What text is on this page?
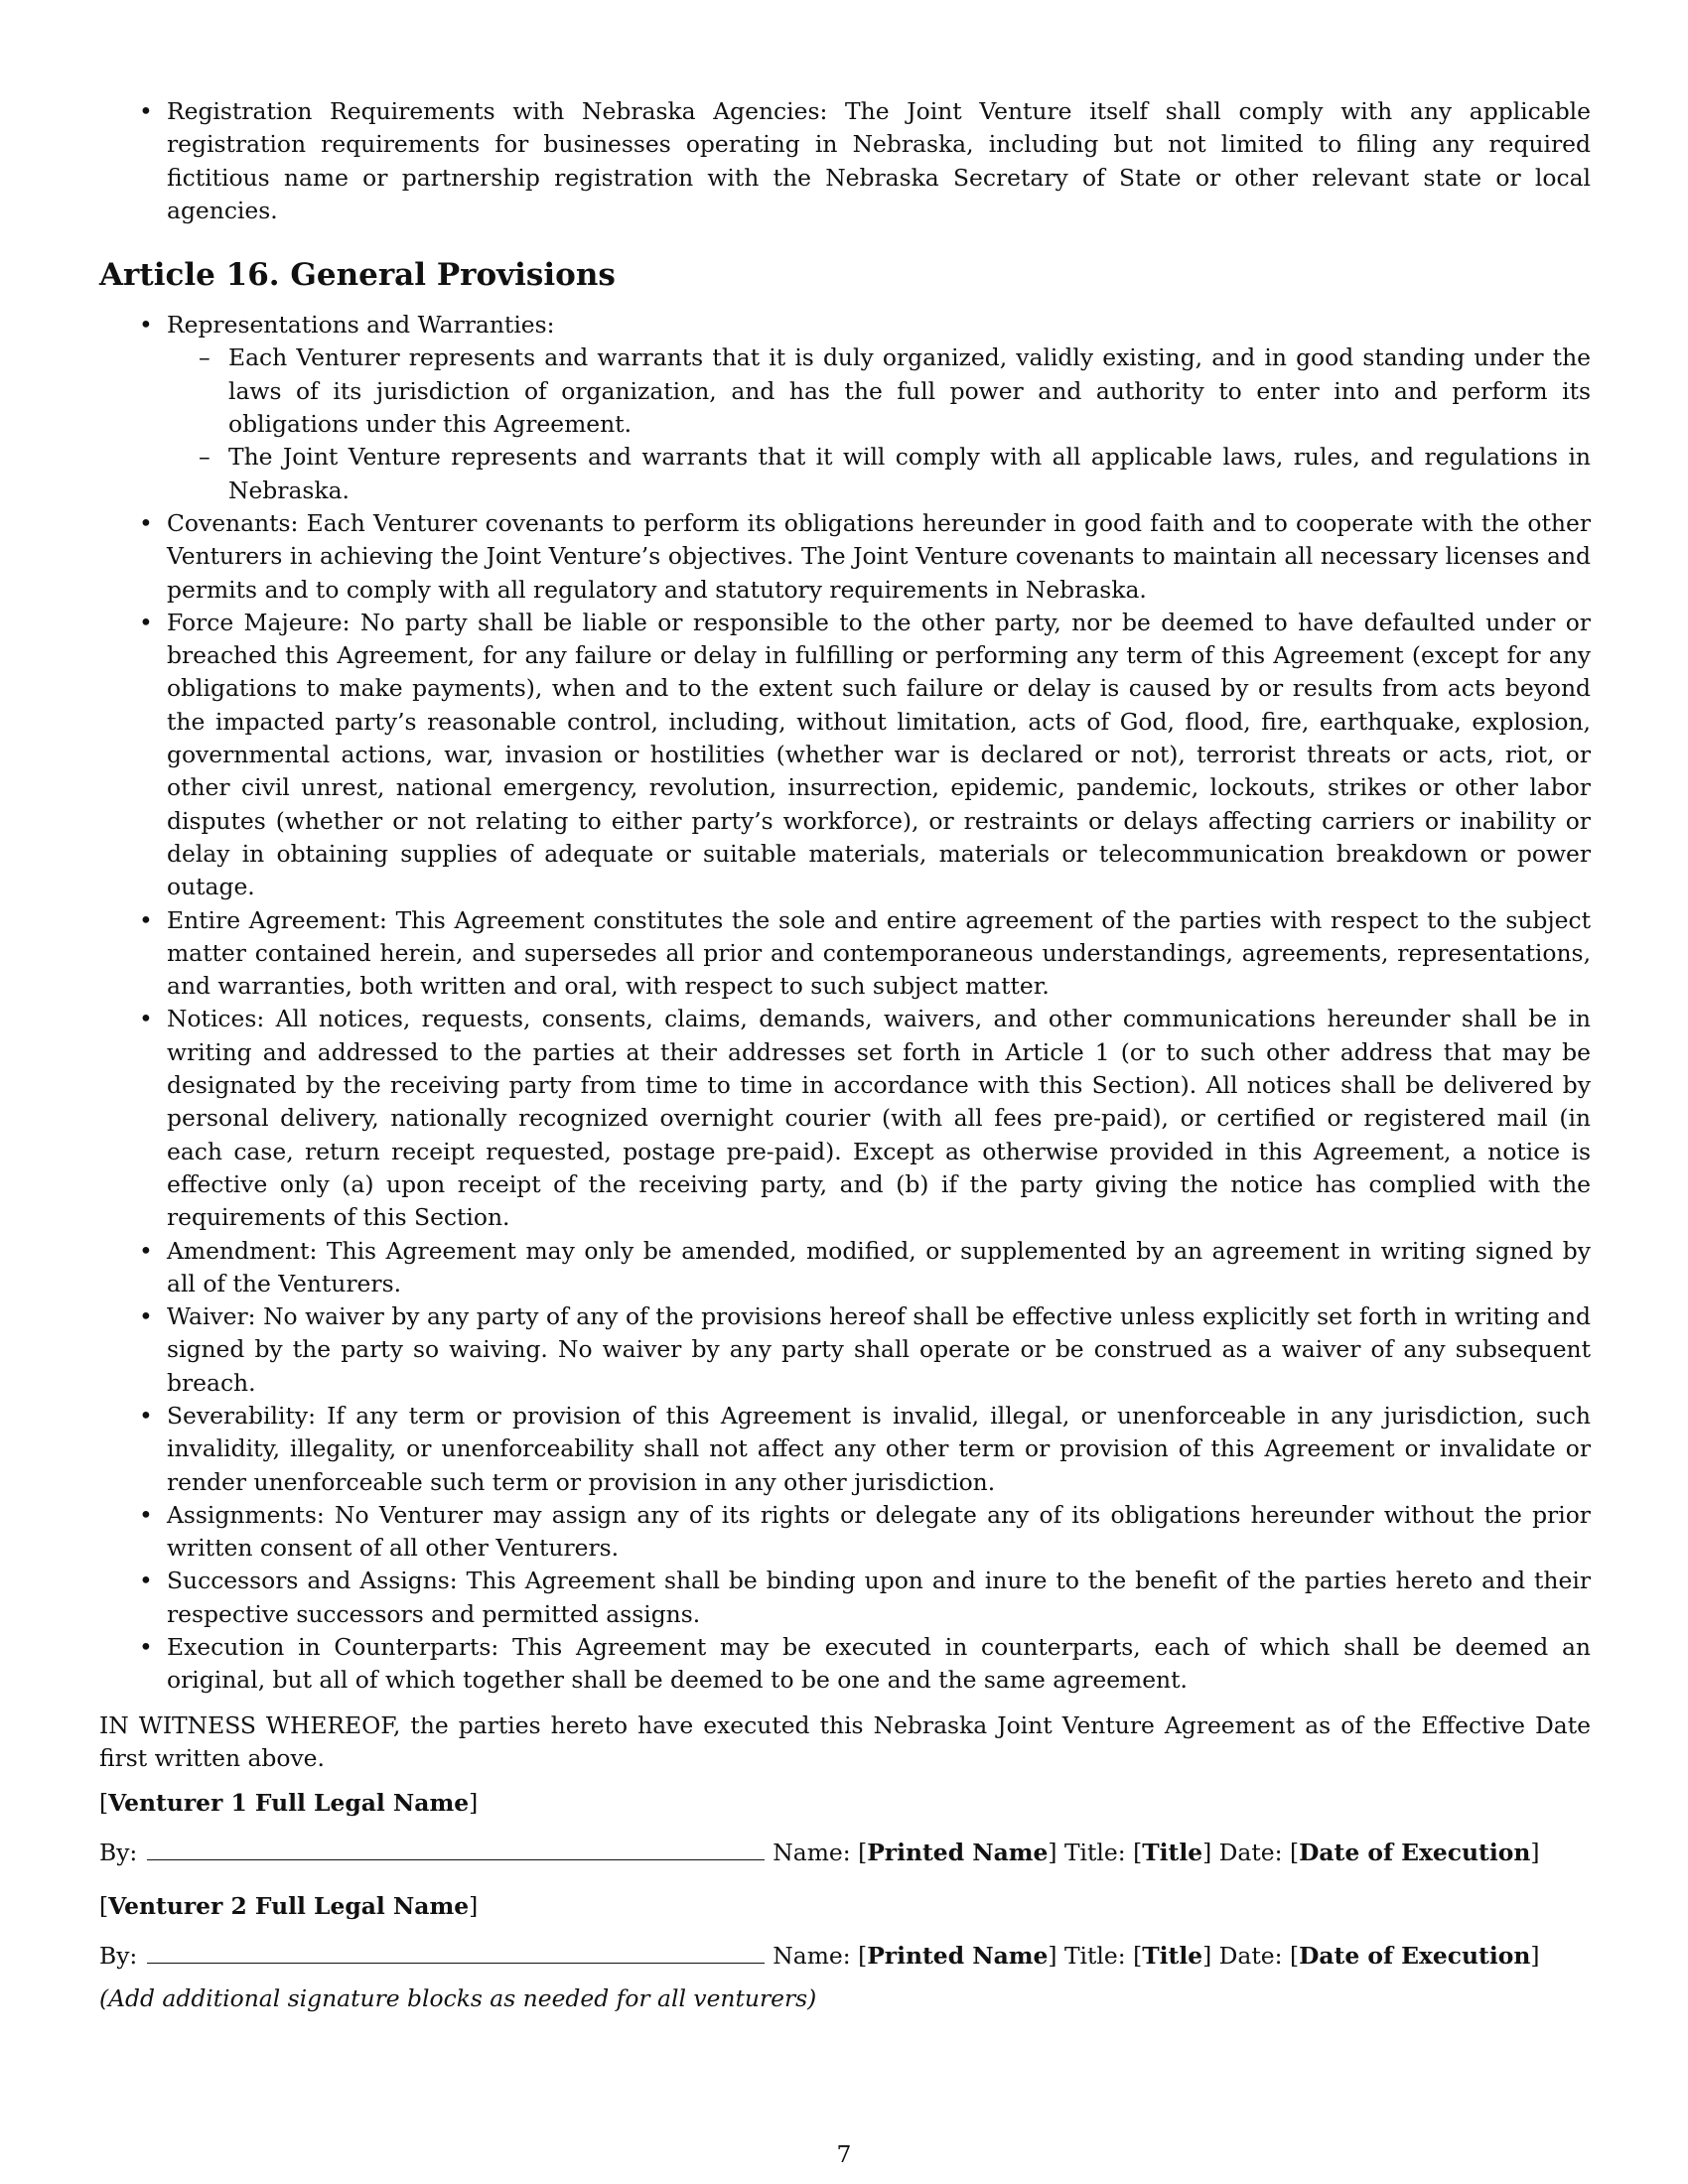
• Registration Requirements with Nebraska Agencies: The Joint Venture itself shall comply with any applicable registration requirements for businesses operating in Nebraska, including but not limited to filing any required fictitious name or partnership registration with the Nebraska Secretary of State or other relevant state or local agencies.
Article 16. General Provisions
• Representations and Warranties:
– Each Venturer represents and warrants that it is duly organized, validly existing, and in good standing under the laws of its jurisdiction of organization, and has the full power and authority to enter into and perform its obligations under this Agreement.
– The Joint Venture represents and warrants that it will comply with all applicable laws, rules, and regulations in Nebraska.
• Covenants: Each Venturer covenants to perform its obligations hereunder in good faith and to cooperate with the other Venturers in achieving the Joint Venture’s objectives. The Joint Venture covenants to maintain all necessary licenses and permits and to comply with all regulatory and statutory requirements in Nebraska.
• Force Majeure: No party shall be liable or responsible to the other party, nor be deemed to have defaulted under or breached this Agreement, for any failure or delay in fulfilling or performing any term of this Agreement (except for any obligations to make payments), when and to the extent such failure or delay is caused by or results from acts beyond the impacted party’s reasonable control, including, without limitation, acts of God, flood, fire, earthquake, explosion, governmental actions, war, invasion or hostilities (whether war is declared or not), terrorist threats or acts, riot, or other civil unrest, national emergency, revolution, insurrection, epidemic, pandemic, lockouts, strikes or other labor disputes (whether or not relating to either party’s workforce), or restraints or delays affecting carriers or inability or delay in obtaining supplies of adequate or suitable materials, materials or telecommunication breakdown or power outage.
• Entire Agreement: This Agreement constitutes the sole and entire agreement of the parties with respect to the subject matter contained herein, and supersedes all prior and contemporaneous understandings, agreements, representations, and warranties, both written and oral, with respect to such subject matter.
• Notices: All notices, requests, consents, claims, demands, waivers, and other communications hereunder shall be in writing and addressed to the parties at their addresses set forth in Article 1 (or to such other address that may be designated by the receiving party from time to time in accordance with this Section). All notices shall be delivered by personal delivery, nationally recognized overnight courier (with all fees pre-paid), or certified or registered mail (in each case, return receipt requested, postage pre-paid). Except as otherwise provided in this Agreement, a notice is effective only (a) upon receipt of the receiving party, and (b) if the party giving the notice has complied with the requirements of this Section.
• Amendment: This Agreement may only be amended, modified, or supplemented by an agreement in writing signed by all of the Venturers.
• Waiver: No waiver by any party of any of the provisions hereof shall be effective unless explicitly set forth in writing and signed by the party so waiving. No waiver by any party shall operate or be construed as a waiver of any subsequent breach.
• Severability: If any term or provision of this Agreement is invalid, illegal, or unenforceable in any jurisdiction, such invalidity, illegality, or unenforceability shall not affect any other term or provision of this Agreement or invalidate or render unenforceable such term or provision in any other jurisdiction.
• Assignments: No Venturer may assign any of its rights or delegate any of its obligations hereunder without the prior written consent of all other Venturers.
• Successors and Assigns: This Agreement shall be binding upon and inure to the benefit of the parties hereto and their respective successors and permitted assigns.
• Execution in Counterparts: This Agreement may be executed in counterparts, each of which shall be deemed an original, but all of which together shall be deemed to be one and the same agreement.
IN WITNESS WHEREOF, the parties hereto have executed this Nebraska Joint Venture Agreement as of the Effective Date first written above.
[Venturer 1 Full Legal Name]
By:	Name:
[ Printed Name ]
Title:
[ Title ]
Date:
[ Date of Execution ]
[Venturer 2 Full Legal Name]
By:	Name:
[ Printed Name ]
Title:
[ Title ]
Date:
[ Date of Execution ]
(Add additional signature blocks as needed for all venturers)
7
